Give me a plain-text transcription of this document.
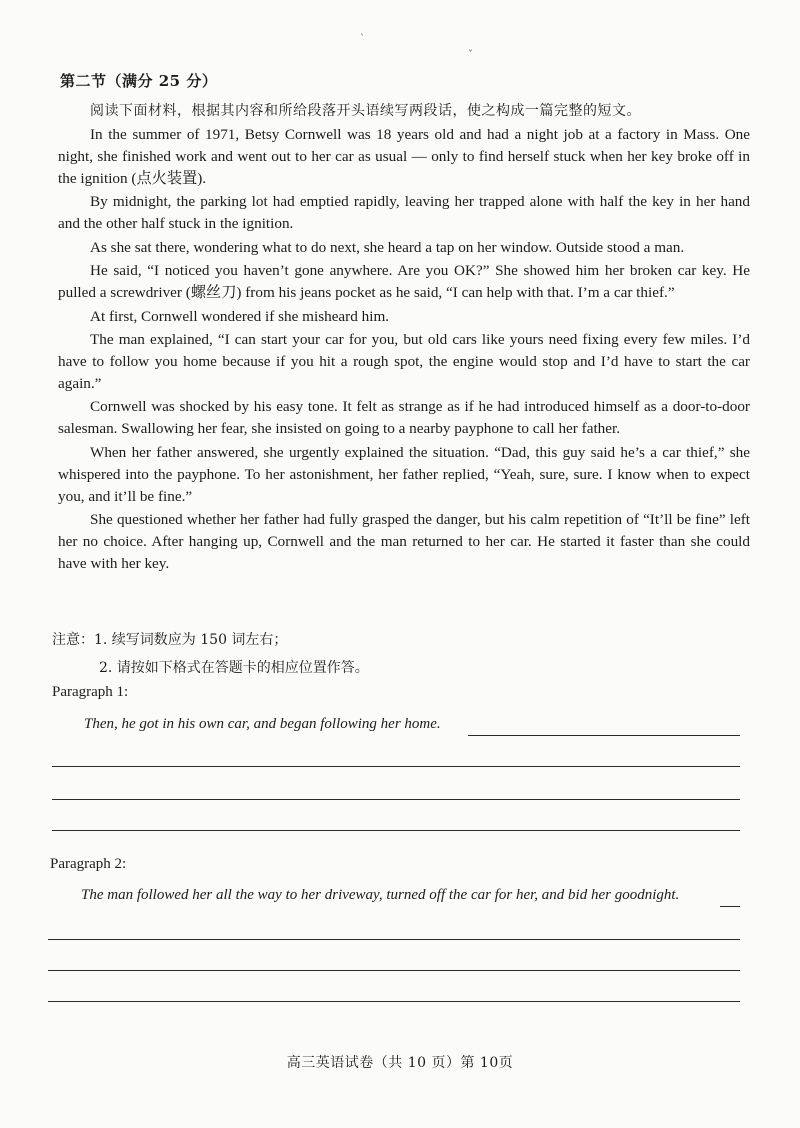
ˋ
ˇ
第二节（满分 25 分）
阅读下面材料，根据其内容和所给段落开头语续写两段话，使之构成一篇完整的短文。

In the summer of 1971, Betsy Cornwell was 18 years old and had a night job at a factory in Mass. One night, she finished work and went out to her car as usual — only to find herself stuck when her key broke off in the ignition (点火装置).

By midnight, the parking lot had emptied rapidly, leaving her trapped alone with half the key in her hand and the other half stuck in the ignition.

As she sat there, wondering what to do next, she heard a tap on her window. Outside stood a man.

He said, “I noticed you haven’t gone anywhere. Are you OK?” She showed him her broken car key. He pulled a screwdriver (螺丝刀) from his jeans pocket as he said, “I can help with that. I’m a car thief.”

At first, Cornwell wondered if she misheard him.

The man explained, “I can start your car for you, but old cars like yours need fixing every few miles. I’d have to follow you home because if you hit a rough spot, the engine would stop and I’d have to start the car again.”

Cornwell was shocked by his easy tone. It felt as strange as if he had introduced himself as a door-to-door salesman. Swallowing her fear, she insisted on going to a nearby payphone to call her father.

When her father answered, she urgently explained the situation. “Dad, this guy said he’s a car thief,” she whispered into the payphone. To her astonishment, her father replied, “Yeah, sure, sure. I know when to expect you, and it’ll be fine.”

She questioned whether her father had fully grasped the danger, but his calm repetition of “It’ll be fine” left her no choice. After hanging up, Cornwell and the man returned to her car. He started it faster than she could have with her key.

注意：1. 续写词数应为 150 词左右；
2. 请按如下格式在答题卡的相应位置作答。
Paragraph 1:
Then, he got in his own car, and began following her home.
Paragraph 2:
The man followed her all the way to her driveway, turned off the car for her, and bid her goodnight.
高三英语试卷（共 10 页）第 10页
